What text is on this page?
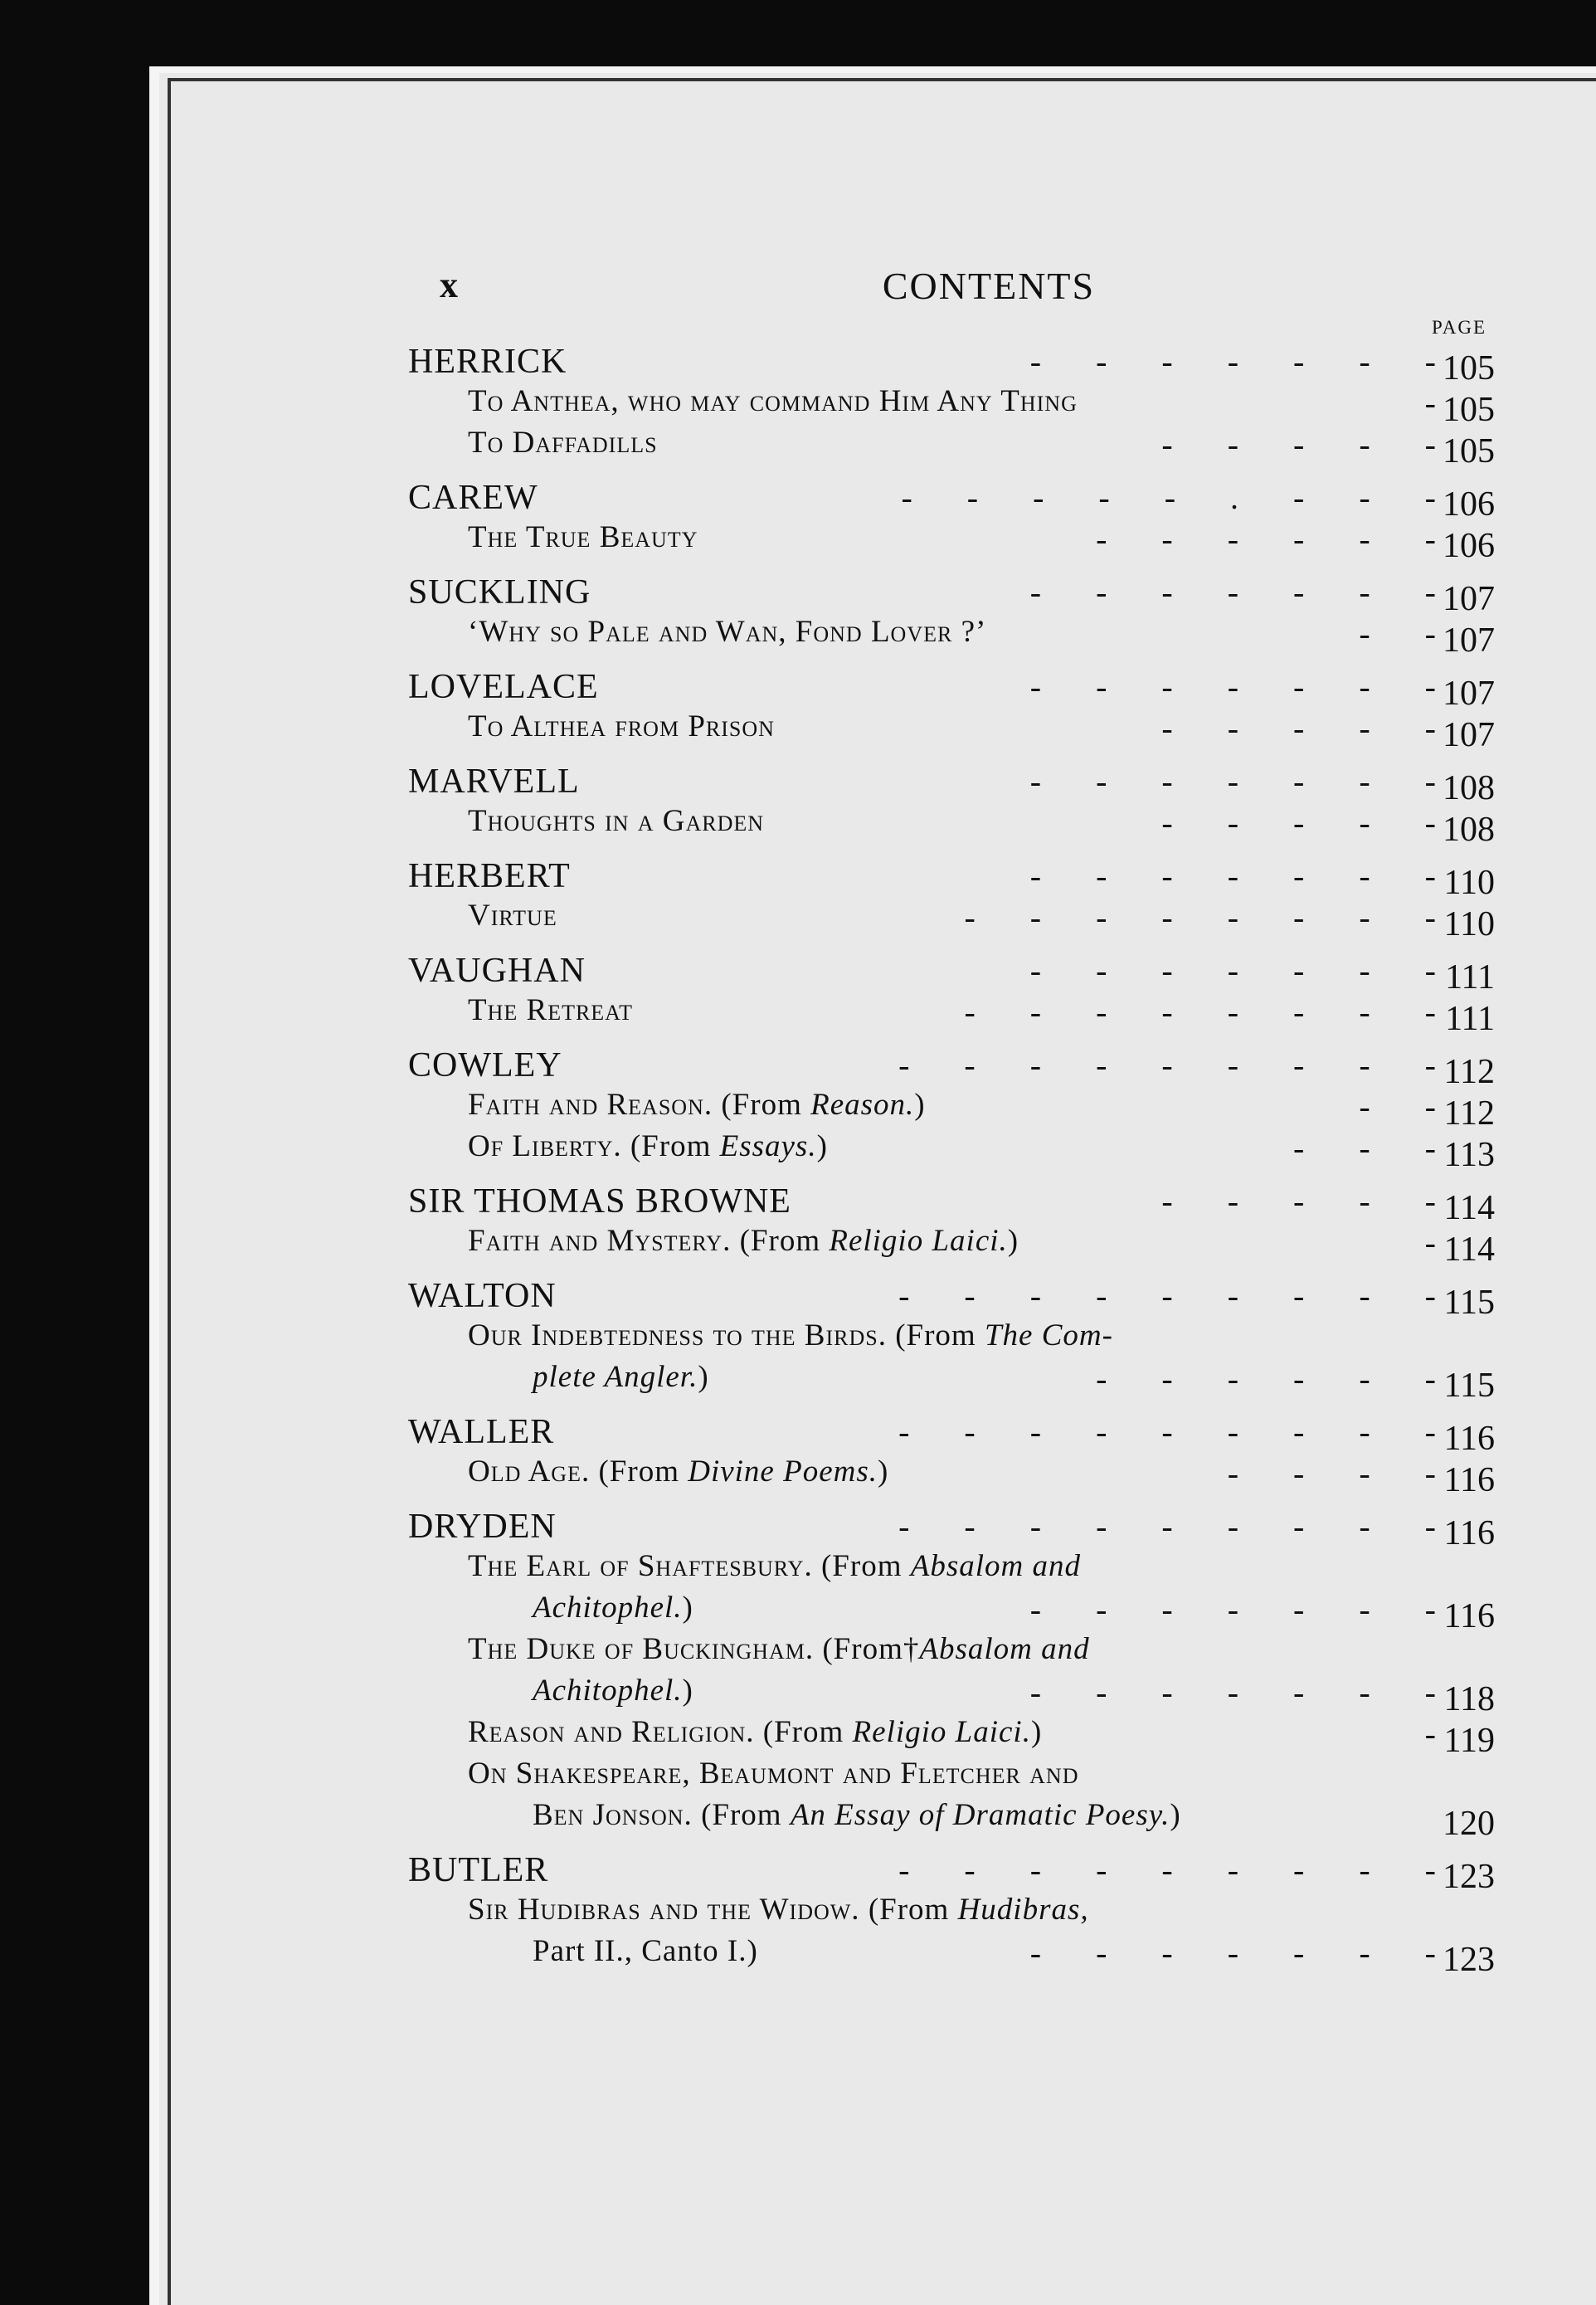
x	CONTENTS
PAGE
HERRICK	- - - - - - - 105
To Anthea, who may command Him Any Thing	- 105
To Daffadills	- - - - - 105
CAREW	- - - - - . - - - 106
The True Beauty	- - - - - - 106
SUCKLING	- - - - - - - 107
‘Why so Pale and Wan, Fond Lover ?’	- - 107
LOVELACE	- - - - - - - 107
To Althea from Prison	- - - - - 107
MARVELL	- - - - - - - 108
Thoughts in a Garden	- - - - - 108
HERBERT	- - - - - - - 110
Virtue	- - - - - - - - 110
VAUGHAN	- - - - - - - 111
The Retreat	- - - - - - - - 111
COWLEY	- - - - - - - - - 112
Faith and Reason. (From Reason.)	- - 112
Of Liberty. (From Essays.)	- - - 113
SIR THOMAS BROWNE	- - - - - 114
Faith and Mystery. (From Religio Laici.)	- 114
WALTON	- - - - - - - - - 115
Our Indebtedness to the Birds. (From The Com-
plete Angler.)	- - - - - - 115
WALLER	- - - - - - - - - 116
Old Age. (From Divine Poems.)	- - - - 116
DRYDEN	- - - - - - - - - 116
The Earl of Shaftesbury. (From Absalom and
Achitophel.)	- - - - - - - 116
The Duke of Buckingham. (From†Absalom and
Achitophel.)	- - - - - - - 118
Reason and Religion. (From Religio Laici.)	- 119
On Shakespeare, Beaumont and Fletcher and
Ben Jonson. (From An Essay of Dramatic Poesy.)	120
BUTLER	- - - - - - - - - 123
Sir Hudibras and the Widow. (From Hudibras,
Part II., Canto I.)	- - - - - - - 123
